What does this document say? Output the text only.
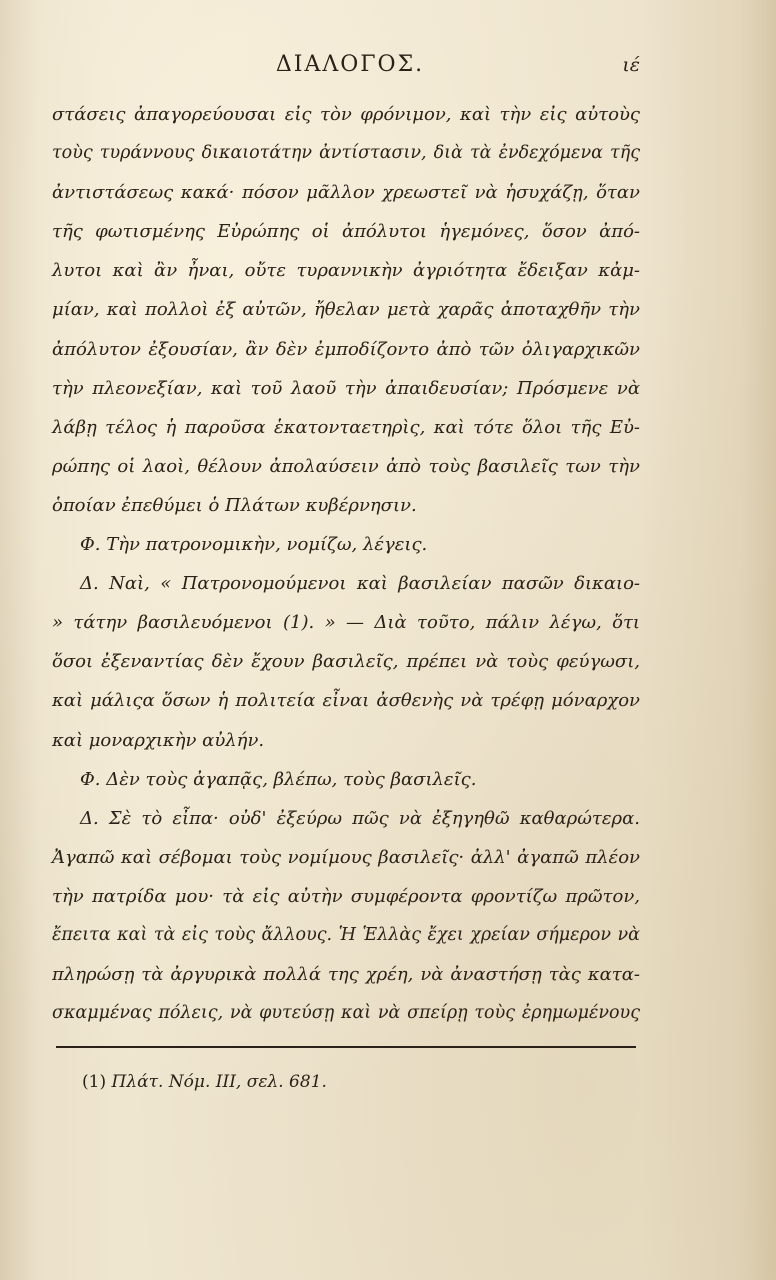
ΔΙΑΛΟΓΟΣ.	ιέ
στάσεις ἀπαγορεύουσαι εἰς τὸν φρόνιμον, καὶ τὴν εἰς αὐτοὺς
τοὺς τυράννους δικαιοτάτην ἀντίστασιν, διὰ τὰ ἐνδεχόμενα τῆς
ἀντιστάσεως κακά· πόσον μᾶλλον χρεωστεῖ νὰ ἡσυχάζῃ, ὅταν
τῆς φωτισμένης Εὐρώπης οἱ ἀπόλυτοι ἡγεμόνες, ὅσον ἀπό-
λυτοι καὶ ἂν ἦναι, οὔτε τυραννικὴν ἀγριότητα ἔδειξαν κἀμ-
μίαν, καὶ πολλοὶ ἐξ αὐτῶν, ἤθελαν μετὰ χαρᾶς ἀποταχθῆν τὴν
ἀπόλυτον ἐξουσίαν, ἂν δὲν ἐμποδίζοντο ἀπὸ τῶν ὀλιγαρχικῶν
τὴν πλεονεξίαν, καὶ τοῦ λαοῦ τὴν ἀπαιδευσίαν; Πρόσμενε νὰ
λάβῃ τέλος ἡ παροῦσα ἑκατονταετηρὶς, καὶ τότε ὅλοι τῆς Εὐ-
ρώπης οἱ λαοὶ, θέλουν ἀπολαύσειν ἀπὸ τοὺς βασιλεῖς των τὴν
ὁποίαν ἐπεθύμει ὁ Πλάτων κυβέρνησιν.
Φ. Τὴν πατρονομικὴν, νομίζω, λέγεις.
Δ. Ναὶ, « Πατρονομούμενοι καὶ βασιλείαν πασῶν δικαιο-
» τάτην βασιλευόμενοι (1). » — Διὰ τοῦτο, πάλιν λέγω, ὅτι
ὅσοι ἐξεναντίας δὲν ἔχουν βασιλεῖς, πρέπει νὰ τοὺς φεύγωσι,
καὶ μάλιςα ὅσων ἡ πολιτεία εἶναι ἀσθενὴς νὰ τρέφῃ μόναρχον
καὶ μοναρχικὴν αὐλήν.
Φ. Δὲν τοὺς ἀγαπᾷς, βλέπω, τοὺς βασιλεῖς.
Δ. Σὲ τὸ εἶπα· οὐδ' ἐξεύρω πῶς νὰ ἐξηγηθῶ καθαρώτερα.
Ἀγαπῶ καὶ σέβομαι τοὺς νομίμους βασιλεῖς· ἀλλ' ἀγαπῶ πλέον
τὴν πατρίδα μου· τὰ εἰς αὐτὴν συμφέροντα φροντίζω πρῶτον,
ἔπειτα καὶ τὰ εἰς τοὺς ἄλλους. Ἡ Ἑλλὰς ἔχει χρείαν σήμερον νὰ
πληρώσῃ τὰ ἀργυρικὰ πολλά της χρέη, νὰ ἀναστήσῃ τὰς κατα-
σκαμμένας πόλεις, νὰ φυτεύσῃ καὶ νὰ σπείρῃ τοὺς ἐρημωμένους
(1) Πλάτ. Νόμ. III, σελ. 681.
